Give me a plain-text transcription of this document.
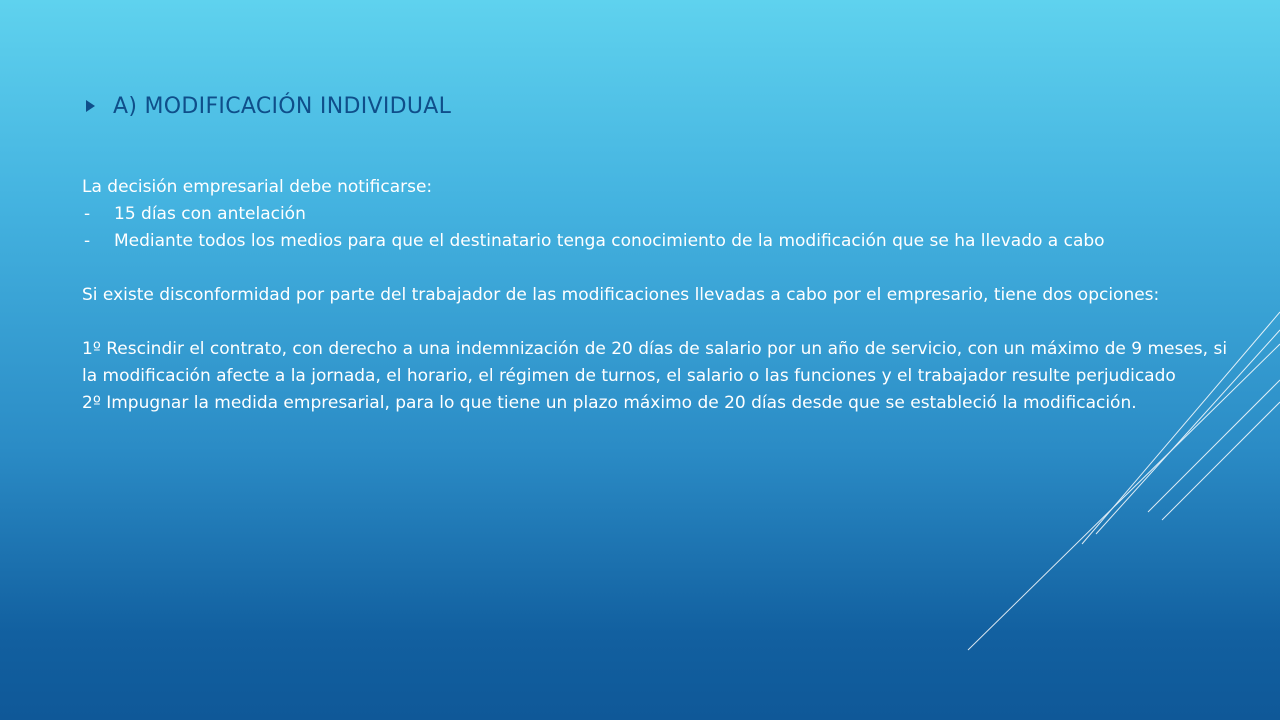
A) MODIFICACIÓN INDIVIDUAL

La decisión empresarial debe notificarse:

- 15 días con antelación
- Mediante todos los medios para que el destinatario tenga conocimiento de la modificación que se ha llevado a cabo

Si existe disconformidad por parte del trabajador de las modificaciones llevadas a cabo por el empresario, tiene dos opciones:

1º Rescindir el contrato, con derecho a una indemnización de 20 días de salario por un año de servicio, con un máximo de 9 meses, si la modificación afecte a la jornada, el horario, el régimen de turnos, el salario o las funciones y el trabajador resulte perjudicado

2º Impugnar la medida empresarial, para lo que tiene un plazo máximo de 20 días desde que se estableció la modificación.
